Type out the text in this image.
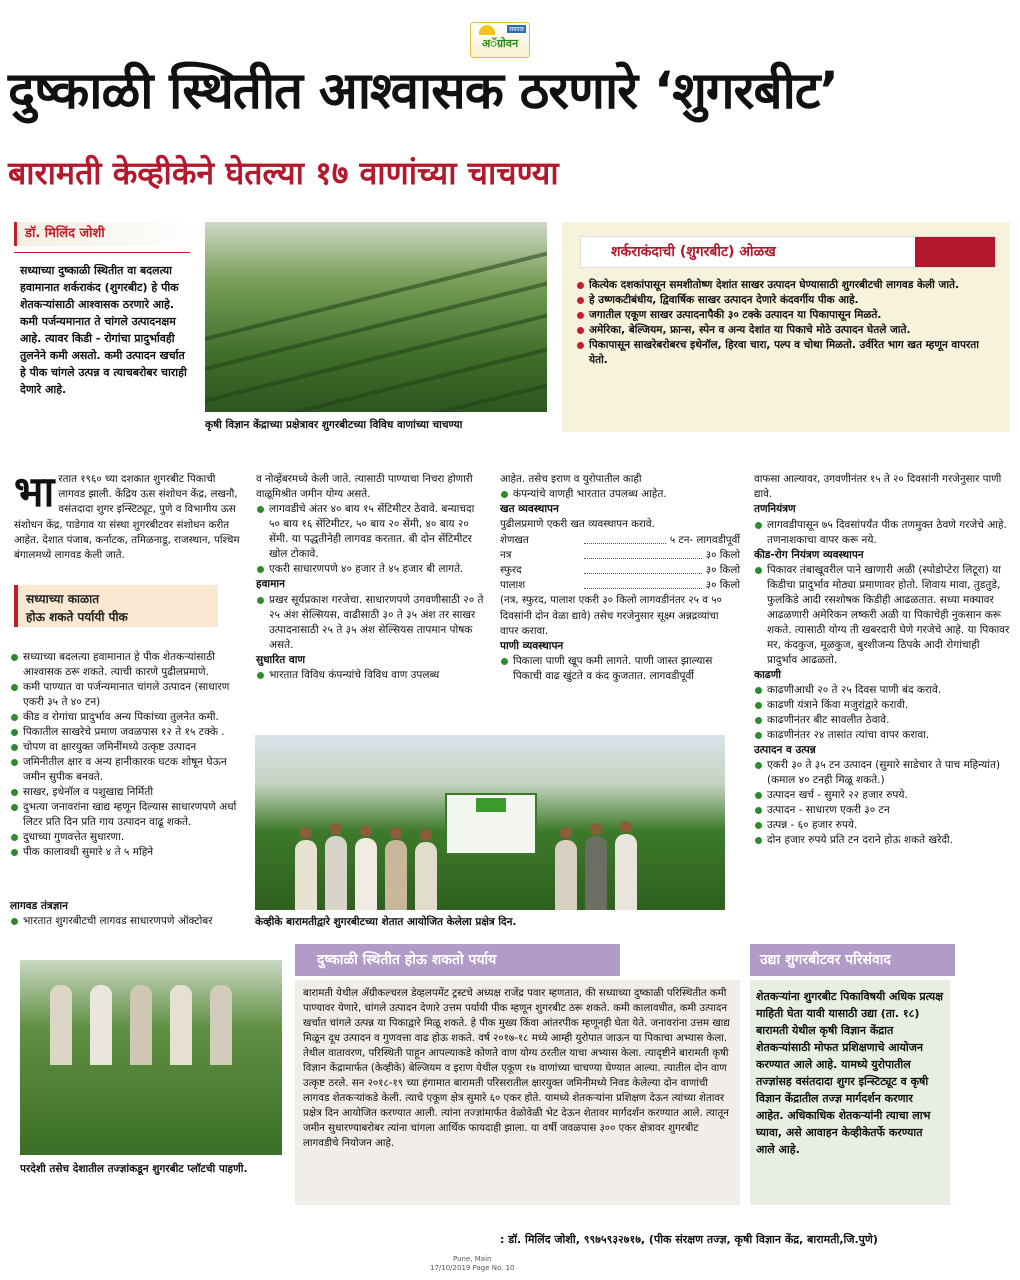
सकाळ
अॅग्रोवन
दुष्काळी स्थितीत आश्वासक ठरणारे ‘शुगरबीट’
बारामती केव्हीकेने घेतल्या १७ वाणांच्या चाचण्या
डॉ. मिलिंद जोशी
सध्याच्या दुष्काळी स्थितीत वा बदलत्या हवामानात शर्कराकंद (शुगरबीट) हे पीक शेतकऱ्यांसाठी आश्वासक ठरणारे आहे. कमी पर्जन्यमानात ते चांगले उत्पादनक्षम आहे. त्यावर किडी - रोगांचा प्रादुर्भावही तुलनेने कमी असतो. कमी उत्पादन खर्चात हे पीक चांगले उत्पन्न व त्याचबरोबर चाराही देणारे आहे.
कृषी विज्ञान केंद्राच्या प्रक्षेत्रावर शुगरबीटच्या विविध वाणांच्या चाचण्या
शर्कराकंदाची (शुगरबीट) ओळख
कित्येक दशकांपासून समशीतोष्ण देशांत साखर उत्पादन घेण्यासाठी शुगरबीटची लागवड केली जाते.
हे उष्णकटीबंधीय, द्विवार्षिक साखर उत्पादन देणारे कंदवर्गीय पीक आहे.
जगातील एकूण साखर उत्पादनापैकी ३० टक्के उत्पादन या पिकापासून मिळते.
अमेरिका, बेल्जियम, फ्रान्स, स्पेन व अन्य देशांत या पिकाचे मोठे उत्पादन घेतले जाते.
पिकापासून साखरेबरोबरच इथेनॉल, हिरवा चारा, पल्प व चोथा मिळतो. उर्वरित भाग खत म्हणून वापरता येतो.
भा रतात १९६० च्या दशकात शुगरबीट पिकाची लागवड झाली. केंद्रिय ऊस संशोधन केंद्र, लखनौ, वसंतदादा शुगर इन्स्टिट्यूट, पुणे व विभागीय ऊस संशोधन केंद्र, पाडेगाव या संस्था शुगरबीटवर संशोधन करीत आहेत. देशात पंजाब, कर्नाटक, तमिळनाडू, राजस्थान, पश्चिम बंगालमध्ये लागवड केली जाते.

सध्याच्या काळात
होऊ शकते पर्यायी पीक
सध्याच्या बदलत्या हवामानात हे पीक शेतकऱ्यांसाठी आश्वासक ठरू शकते. त्याची कारणे पुढीलप्रमाणे.
कमी पाण्यात वा पर्जन्यमानात चांगले उत्पादन (साधारण एकरी ३५ ते ४० टन)
कीड व रोगांचा प्रादुर्भाव अन्य पिकांच्या तुलनेत कमी.
पिकातील साखरेचे प्रमाण जवळपास १२ ते १५ टक्के .
चोपण वा क्षारयुक्त जमिनींमध्ये उत्कृष्ट उत्पादन
जमिनीतील क्षार व अन्य हानीकारक घटक शोषून घेऊन जमीन सुपीक बनवते.
साखर, इथेनॉल व पशुखाद्य निर्मिती
दुभत्या जनावरांना खाद्य म्हणून दिल्यास साधारणपणे अर्धा लिटर प्रति दिन प्रति गाय उत्पादन वाढू शकते.
दुधाच्या गुणवत्तेत सुधारणा.
पीक कालावधी सुमारे ४ ते ५ महिने
लागवड तंत्रज्ञान
भारतात शुगरबीटची लागवड साधारणपणे ऑक्टोबर

व नोव्हेंबरमध्ये केली जाते. त्यासाठी पाण्याचा निचरा होणारी वाळूमिश्रीत जमीन योग्य असते.

लागवडीचे अंतर ४० बाय १५ सेंटिमीटर ठेवावे. बन्याचदा ५० बाय १६ सेंटिमीटर, ५० बाय २० सेंमी, ४० बाय २० सेंमी. या पद्धतीनेही लागवड करतात. बी दोन सेंटिमीटर खोल टोकावे.
एकरी साधारणपणे ४० हजार ते ४५ हजार बी लागते.
हवामान
प्रखर सूर्यप्रकाश गरजेचा. साधारणपणे उगवणीसाठी २० ते २५ अंश सेल्सियस, वाढीसाठी ३० ते ३५ अंश तर साखर उत्पादनासाठी २५ ते ३५ अंश सेल्सियस तापमान पोषक असते.
सुधारित वाण
भारतात विविध कंपन्यांचे विविध वाण उपलब्ध

आहेत. तसेच इराण व युरोपातील काही

कंपन्यांचे वाणही भारतात उपलब्ध आहेत.
खत व्यवस्थापन

पुढीलप्रमाणे एकरी खत व्यवस्थापन करावे.

शेणखत	५ टन- लागवडीपूर्वी
नत्र	३० किलो
स्फुरद	३० किलो
पालाश	३० किलो

(नत्र, स्फुरद, पालाश एकरी ३० किलो लागवडीनंतर २५ व ५० दिवसांनी दोन वेळा द्यावे) तसेच गरजेनुसार सूक्ष्म अन्नद्रव्यांचा वापर करावा.

पाणी व्यवस्थापन
पिकाला पाणी खूप कमी लागते. पाणी जास्त झाल्यास पिकाची वाढ खुंटते व कंद कुजतात. लागवडीपूर्वी

वाफसा आल्यावर, उगवणीनंतर १५ ते २० दिवसांनी गरजेनुसार पाणी द्यावे.

तणनियंत्रण
लागवडीपासून ७५ दिवसांपर्यंत पीक तणमुक्त ठेवणे गरजेचे आहे. तणनाशकाचा वापर करू नये.
कीड-रोग नियंत्रण व्यवस्थापन
पिकावर तंबाखूवरील पाने खाणारी अळी (स्पोडोप्टेरा लिटूरा) या किडीचा प्रादुर्भाव मोठ्या प्रमाणावर होतो. शिवाय मावा, तुडतुडे, फुलकिडे आदी रसशोषक किडीही आढळतात. सध्या मक्यावर आढळणारी अमेरिकन लष्करी अळी या पिकाचेही नुकसान करू शकते. त्यासाठी योग्य ती खबरदारी घेणे गरजेचे आहे. या पिकावर मर, कंदकुज, मूळकुज, बुरशीजन्य ठिपके आदी रोगांचाही प्रादुर्भाव आढळतो.
काढणी
काढणीआधी २० ते २५ दिवस पाणी बंद करावे.
काढणी यंत्राने किंवा मजुरांद्वारे करावी.
काढणीनंतर बीट सावलीत ठेवावे.
काढणीनंतर २४ तासांत त्यांचा वापर करावा.
उत्पादन व उत्पन्न
एकरी ३० ते ३५ टन उत्पादन (सुमारे साडेचार ते पाच महिन्यांत) (कमाल ४० टनही मिळू शकते.)
उत्पादन खर्च - सुमारे २२ हजार रुपये.
उत्पादन - साधारण एकरी ३० टन
उत्पन्न - ६० हजार रुपये.
दोन हजार रुपये प्रति टन दराने होऊ शकते खरेदी.
केव्हीके बारामतीद्वारे शुगरबीटच्या शेतात आयोजित केलेला प्रक्षेत्र दिन.
परदेशी तसेच देशातील तज्ज्ञांकडून शुगरबीट प्लॉटची पाहणी.
दुष्काळी स्थितीत होऊ शकतो पर्याय
बारामती येथील ॲग्रीकल्चरल डेव्हलपमेंट ट्रस्टचे अध्यक्ष राजेंद्र पवार म्हणतात, की सध्याच्या दुष्काळी परिस्थितीत कमी पाण्यावर येणारे, चांगले उत्पादन देणारे उत्तम पर्यायी पीक म्हणून शुगरबीट ठरू शकते. कमी कालावधीत, कमी उत्पादन खर्चात चांगले उत्पन्न या पिकाद्वारे मिळू शकते. हे पीक मुख्य किंवा आंतरपीक म्हणूनही घेता येते. जनावरांना उत्तम खाद्य मिळून दूध उत्पादन व गुणवत्ता वाढ होऊ शकते. वर्ष २०१७-१८ मध्ये आम्ही युरोपात जाऊन या पिकाचा अभ्यास केला. तेथील वातावरण, परिस्थिती पाहून आपल्याकडे कोणते वाण योग्य ठरतील याचा अभ्यास केला. त्यादृष्टीने बारामती कृषी विज्ञान केंद्रामार्फत (केव्हीके) बेल्जियम व इराण येथील एकूण १७ वाणांच्या चाचण्या घेण्यात आल्या. त्यातील दोन वाण उत्कृष्ट ठरले. सन २०१८-१९ च्या हंगामात बारामती परिसरातील क्षारयुक्त जमिनीमध्ये निवड केलेल्या दोन वाणांची लागवड शेतकऱ्यांकडे केली. त्याचे एकूण क्षेत्र सुमारे ६० एकर होते. यामध्ये शेतकऱ्यांना प्रशिक्षण देऊन त्यांच्या शेतावर प्रक्षेत्र दिन आयोजित करण्यात आली. त्यांना तज्ज्ञांमार्फत वेळोवेळी भेट देऊन शेतावर मार्गदर्शन करण्यात आले. त्यातून जमीन सुधारण्याबरोबर त्यांना चांगला आर्थिक फायदाही झाला. या वर्षी जवळपास ३०० एकर क्षेत्रावर शुगरबीट लागवडीचे नियोजन आहे.
उद्या शुगरबीटवर परिसंवाद
शेतकऱ्यांना शुगरबीट पिकाविषयी अधिक प्रत्यक्ष माहिती घेता यावी यासाठी उद्या (ता. १८) बारामती येथील कृषी विज्ञान केंद्रात शेतकऱ्यांसाठी मोफत प्रशिक्षणाचे आयोजन करण्यात आले आहे. यामध्ये युरोपातील तज्ज्ञांसह वसंतदादा शुगर इन्स्टिट्यूट व कृषी विज्ञान केंद्रातील तज्ज्ञ मार्गदर्शन करणार आहेत. अधिकाधिक शेतकऱ्यांनी त्याचा लाभ घ्यावा, असे आवाहन केव्हीकेतर्फे करण्यात आले आहे.
: डॉ. मिलिंद जोशी, ९९७५९३२७१७, (पीक संरक्षण तज्ज्ञ, कृषी विज्ञान केंद्र, बारामती,जि.पुणे)
Pune, Main
17/10/2019 Page No. 10
